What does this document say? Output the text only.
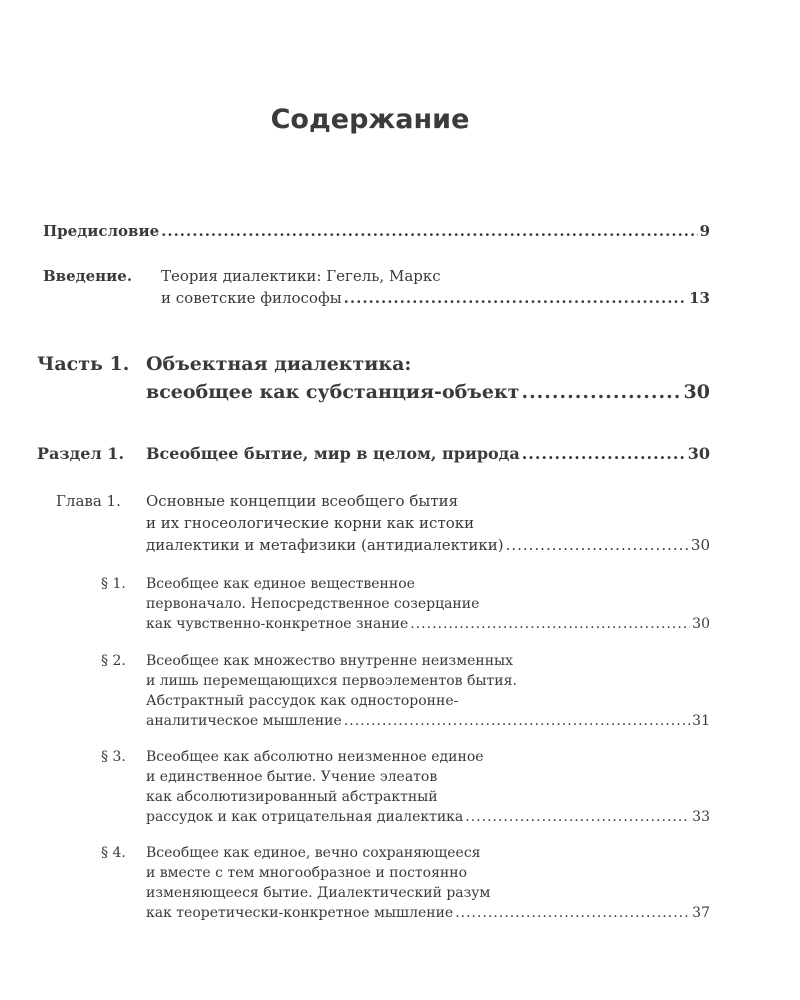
Содержание
Предисловие .....	9
Введение. Теория диалектики: Гегель, Маркс
и советские философы .....	13
Часть 1. Объектная диалектика:
всеобщее как субстанция-объект .....	30
Раздел 1. Всеобщее бытие, мир в целом, природа .....	30
Глава 1. Основные концепции всеобщего бытия
и их гносеологические корни как истоки
диалектики и метафизики (антидиалектики) .....	30
§ 1. Всеобщее как единое вещественное
первоначало. Непосредственное созерцание
как чувственно-конкретное знание .....	30
§ 2. Всеобщее как множество внутренне неизменных
и лишь перемещающихся первоэлементов бытия.
Абстрактный рассудок как односторонне-
аналитическое мышление .....	31
§ 3. Всеобщее как абсолютно неизменное единое
и единственное бытие. Учение элеатов
как абсолютизированный абстрактный
рассудок и как отрицательная диалектика .....	33
§ 4. Всеобщее как единое, вечно сохраняющееся
и вместе с тем многообразное и постоянно
изменяющееся бытие. Диалектический разум
как теоретически-конкретное мышление .....	37
